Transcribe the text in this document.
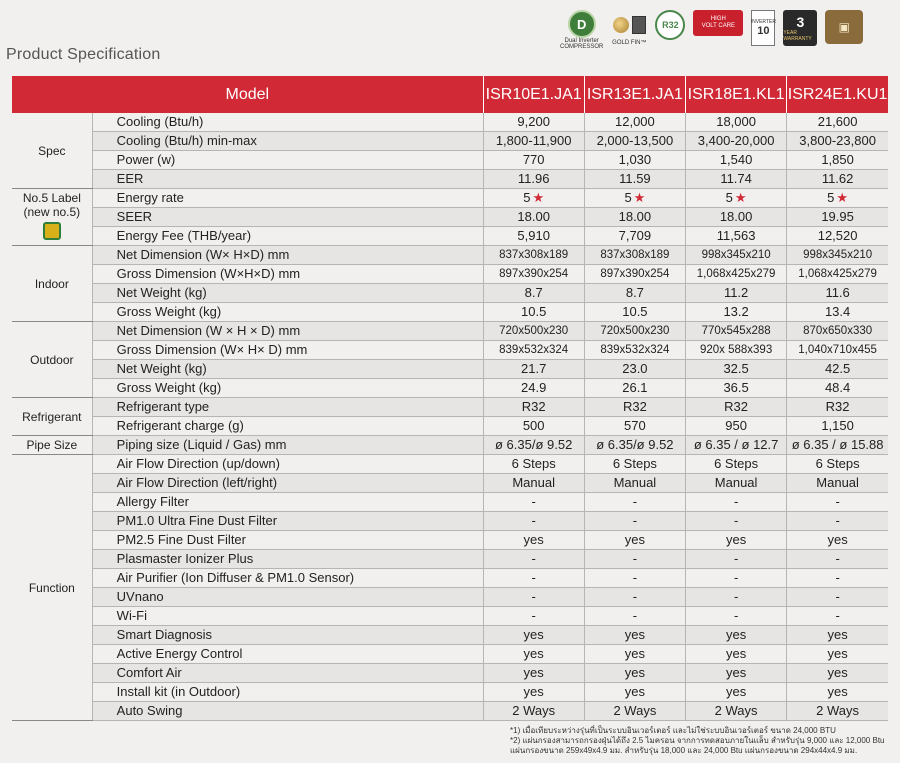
Product Specification
D
Dual Inverter
COMPRESSOR
GOLD FIN™
R32
HIGH
VOLT CARE
INVERTER
10
3
YEAR WARRANTY
▣
Model		ISR10E1.JA1	ISR13E1.JA1	ISR18E1.KL1	ISR24E1.KU1

Spec	Cooling (Btu/h)	9,200	12,000	18,000	21,600
	Cooling (Btu/h) min-max	1,800-11,900	2,000-13,500	3,400-20,000	3,800-23,800
	Power (w)	770	1,030	1,540	1,850
	EER	11.96	11.59	11.74	11.62

No.5 Label (new no.5)	Energy rate	5 ★	5 ★	5 ★	5 ★
	SEER	18.00	18.00	18.00	19.95
	Energy Fee (THB/year)	5,910	7,709	11,563	12,520

Indoor	Net Dimension (W× H×D) mm	837x308x189	837x308x189	998x345x210	998x345x210
	Gross Dimension (W×H×D) mm	897x390x254	897x390x254	1,068x425x279	1,068x425x279
	Net Weight (kg)	8.7	8.7	11.2	11.6
	Gross Weight (kg)	10.5	10.5	13.2	13.4

Outdoor	Net Dimension (W × H × D) mm	720x500x230	720x500x230	770x545x288	870x650x330
	Gross Dimension (W× H× D) mm	839x532x324	839x532x324	920x 588x393	1,040x710x455
	Net Weight (kg)	21.7	23.0	32.5	42.5
	Gross Weight (kg)	24.9	26.1	36.5	48.4

Refrigerant	Refrigerant type	R32	R32	R32	R32
	Refrigerant charge (g)	500	570	950	1,150

Pipe Size	Piping size (Liquid / Gas) mm	ø 6.35/ø 9.52	ø 6.35/ø 9.52	ø 6.35 / ø 12.7	ø 6.35 / ø 15.88

Function	Air Flow Direction (up/down)	6 Steps	6 Steps	6 Steps	6 Steps
	Air Flow Direction (left/right)	Manual	Manual	Manual	Manual
	Allergy Filter	-	-	-	-
	PM1.0 Ultra Fine Dust Filter	-	-	-	-
	PM2.5 Fine Dust Filter	yes	yes	yes	yes
	Plasmaster Ionizer Plus	-	-	-	-
	Air Purifier (Ion Diffuser & PM1.0 Sensor)	-	-	-	-
	UVnano	-	-	-	-
	Wi-Fi	-	-	-	-
	Smart Diagnosis	yes	yes	yes	yes
	Active Energy Control	yes	yes	yes	yes
	Comfort Air	yes	yes	yes	yes
	Install kit (in Outdoor)	yes	yes	yes	yes
	Auto Swing	2 Ways	2 Ways	2 Ways	2 Ways
*1) เมื่อเทียบระหว่างรุ่นที่เป็นระบบอินเวอร์เตอร์ และไม่ใช่ระบบอินเวอร์เตอร์ ขนาด 24,000 BTU
*2) แผ่นกรองสามารถกรองฝุ่นได้ถึง 2.5 ไมครอน จากการทดสอบภายในแล็บ สำหรับรุ่น 9,000 และ 12,000 Btu
แผ่นกรองขนาด 259x49x4.9 มม. สำหรับรุ่น 18,000 และ 24,000 Btu แผ่นกรองขนาด 294x44x4.9 มม.
